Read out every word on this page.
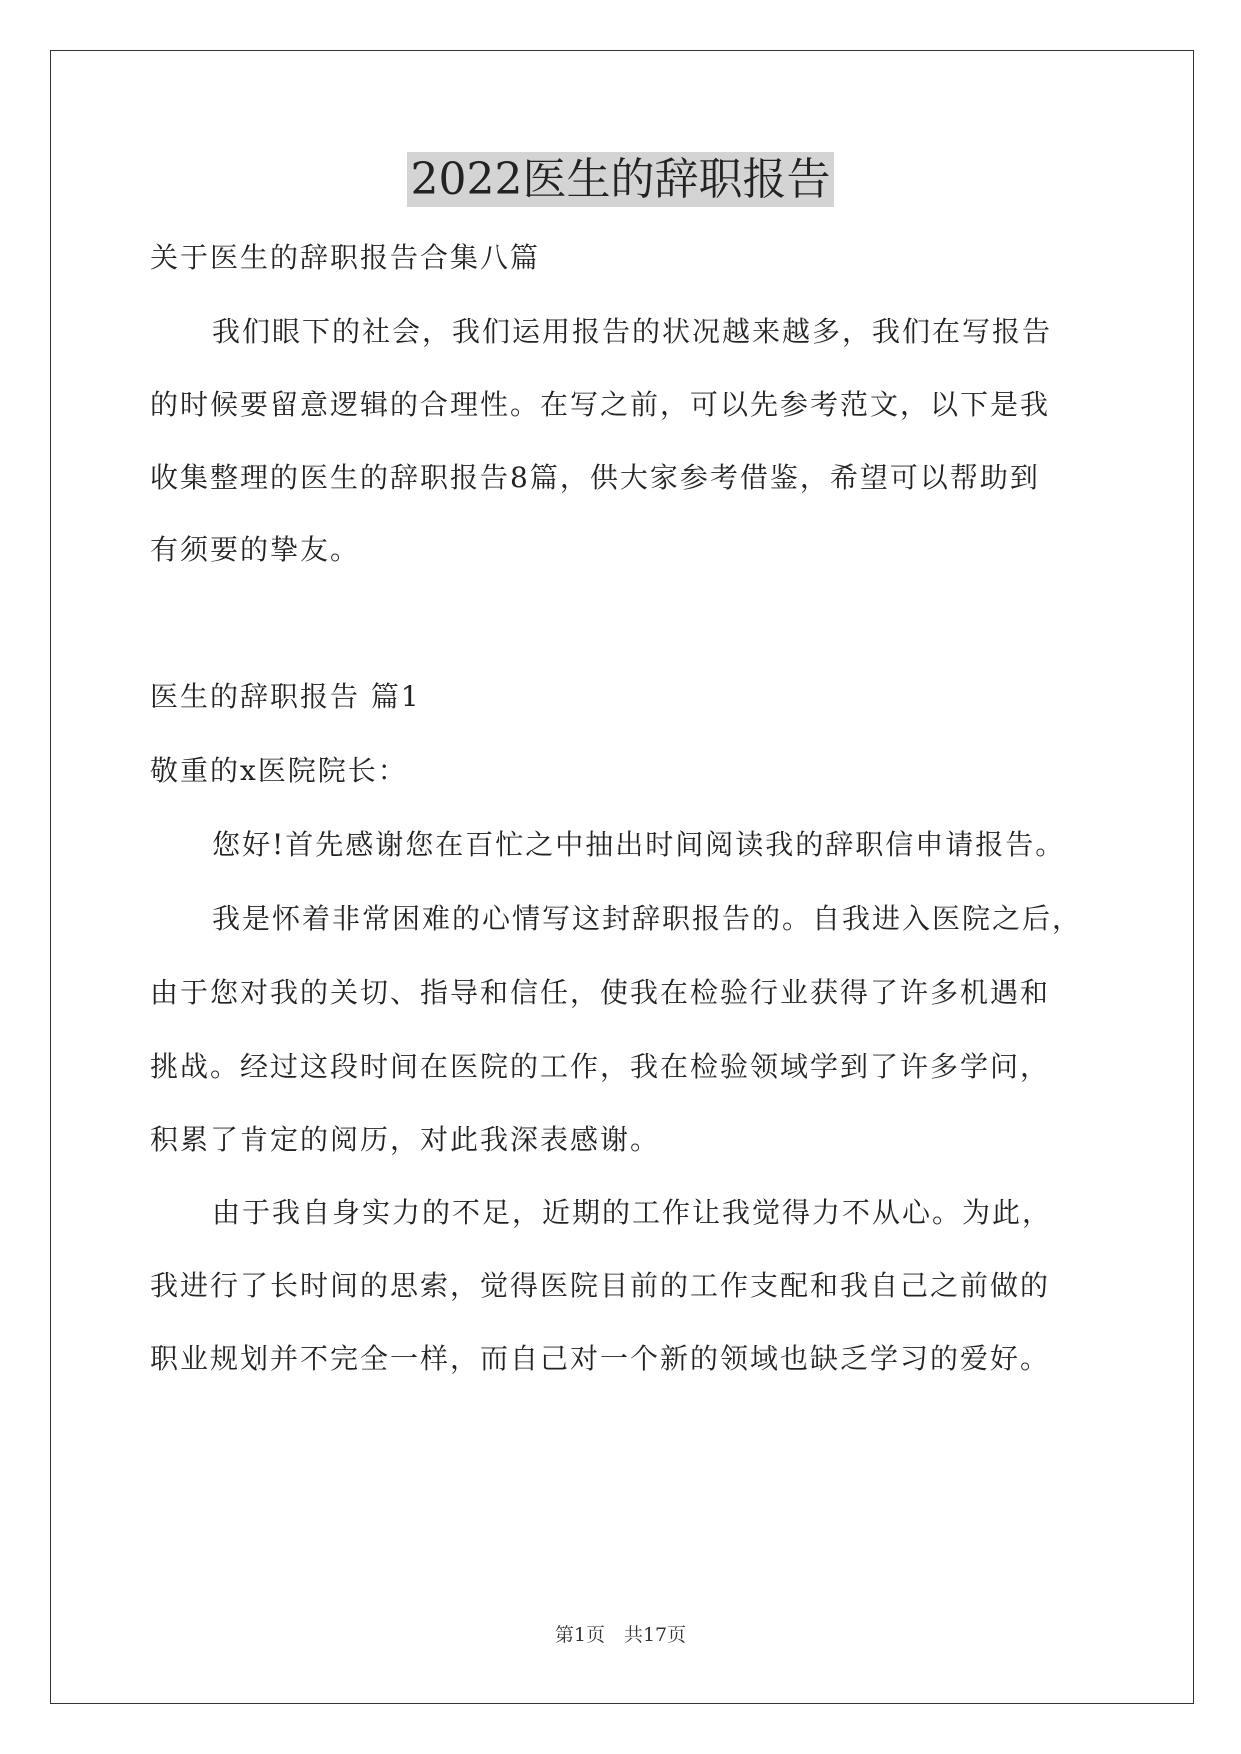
2022医生的辞职报告
关于医生的辞职报告合集八篇
我们眼下的社会，我们运用报告的状况越来越多，我们在写报告
的时候要留意逻辑的合理性。在写之前，可以先参考范文，以下是我
收集整理的医生的辞职报告8篇，供大家参考借鉴，希望可以帮助到
有须要的挚友。
医生的辞职报告 篇1
敬重的x医院院长：
您好!首先感谢您在百忙之中抽出时间阅读我的辞职信申请报告。
我是怀着非常困难的心情写这封辞职报告的。自我进入医院之后，
由于您对我的关切、指导和信任，使我在检验行业获得了许多机遇和
挑战。经过这段时间在医院的工作，我在检验领域学到了许多学问，
积累了肯定的阅历，对此我深表感谢。
由于我自身实力的不足，近期的工作让我觉得力不从心。为此，
我进行了长时间的思索，觉得医院目前的工作支配和我自己之前做的
职业规划并不完全一样，而自己对一个新的领域也缺乏学习的爱好。
第1页　共17页
